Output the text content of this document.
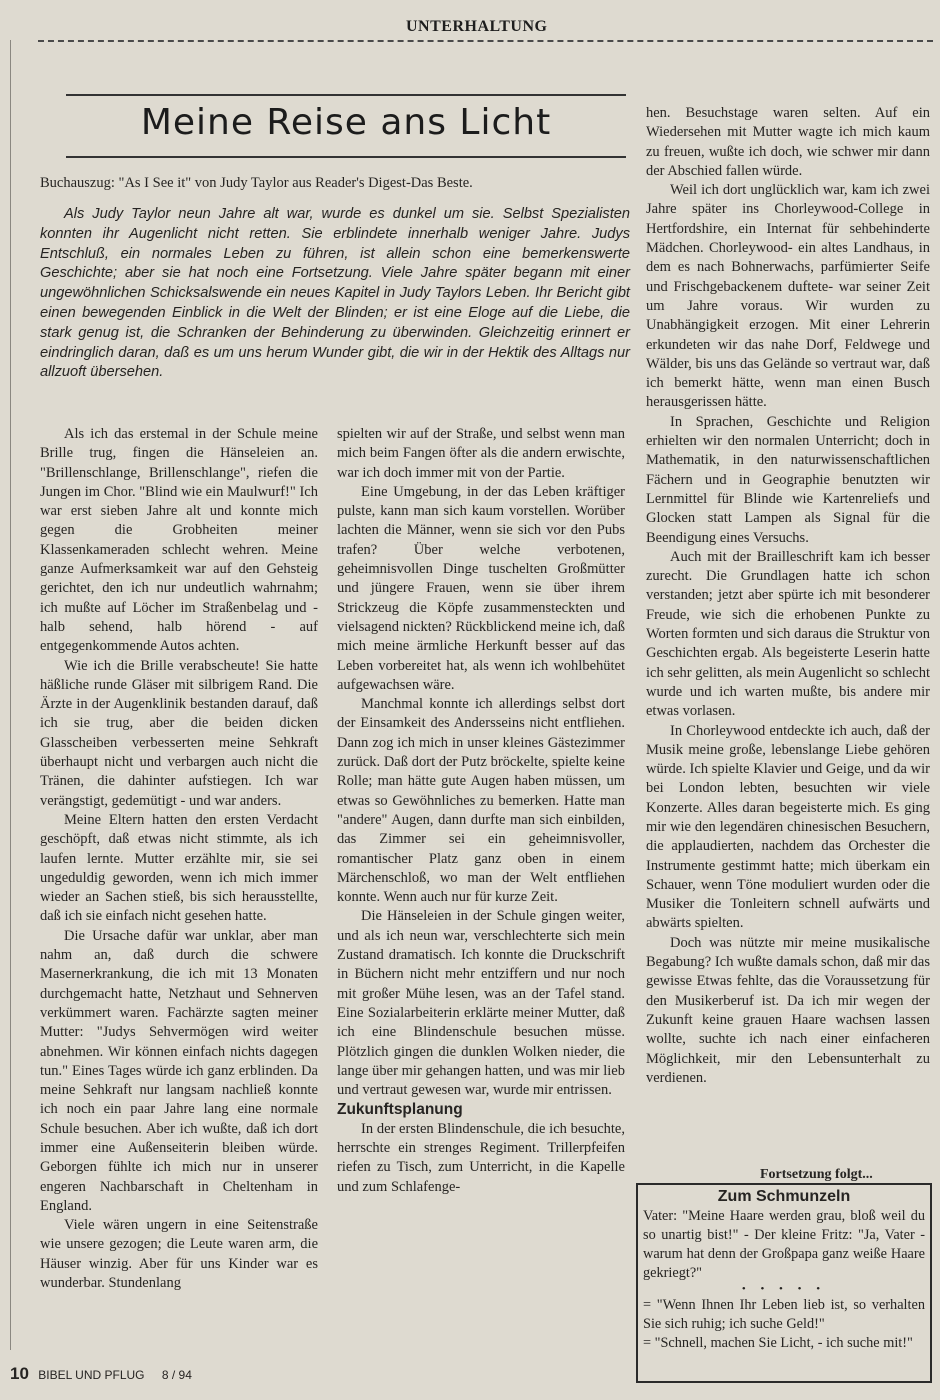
UNTERHALTUNG
Meine Reise ans Licht
Buchauszug: "As I See it" von Judy Taylor aus Reader's Digest-Das Beste.

Als Judy Taylor neun Jahre alt war, wurde es dunkel um sie. Selbst Spezialisten konnten ihr Augenlicht nicht retten. Sie erblindete innerhalb weniger Jahre. Judys Entschluß, ein normales Leben zu führen, ist allein schon eine bemerkenswerte Geschichte; aber sie hat noch eine Fortsetzung. Viele Jahre später begann mit einer ungewöhnlichen Schicksalswende ein neues Kapitel in Judy Taylors Leben. Ihr Bericht gibt einen bewegenden Einblick in die Welt der Blinden; er ist eine Eloge auf die Liebe, die stark genug ist, die Schranken der Behinderung zu überwinden. Gleichzeitig erinnert er eindringlich daran, daß es um uns herum Wunder gibt, die wir in der Hektik des Alltags nur allzuoft übersehen.

Als ich das erstemal in der Schule meine Brille trug, fingen die Hänseleien an. "Brillenschlange, Brillenschlange", riefen die Jungen im Chor. "Blind wie ein Maulwurf!" Ich war erst sieben Jahre alt und konnte mich gegen die Grobheiten meiner Klassenkameraden schlecht wehren. Meine ganze Aufmerksamkeit war auf den Gehsteig gerichtet, den ich nur undeutlich wahrnahm; ich mußte auf Löcher im Straßenbelag und - halb sehend, halb hörend - auf entgegenkommende Autos achten.

Wie ich die Brille verabscheute! Sie hatte häßliche runde Gläser mit silbrigem Rand. Die Ärzte in der Augenklinik bestanden darauf, daß ich sie trug, aber die beiden dicken Glasscheiben verbesserten meine Sehkraft überhaupt nicht und verbargen auch nicht die Tränen, die dahinter aufstiegen. Ich war verängstigt, gedemütigt - und war anders.

Meine Eltern hatten den ersten Verdacht geschöpft, daß etwas nicht stimmte, als ich laufen lernte. Mutter erzählte mir, sie sei ungeduldig geworden, wenn ich mich immer wieder an Sachen stieß, bis sich herausstellte, daß ich sie einfach nicht gesehen hatte.

Die Ursache dafür war unklar, aber man nahm an, daß durch die schwere Masernerkrankung, die ich mit 13 Monaten durchgemacht hatte, Netzhaut und Sehnerven verkümmert waren. Fachärzte sagten meiner Mutter: "Judys Sehvermögen wird weiter abnehmen. Wir können einfach nichts dagegen tun." Eines Tages würde ich ganz erblinden. Da meine Sehkraft nur langsam nachließ konnte ich noch ein paar Jahre lang eine normale Schule besuchen. Aber ich wußte, daß ich dort immer eine Außenseiterin bleiben würde. Geborgen fühlte ich mich nur in unserer engeren Nachbarschaft in Cheltenham in England.

Viele wären ungern in eine Seitenstraße wie unsere gezogen; die Leute waren arm, die Häuser winzig. Aber für uns Kinder war es wunderbar. Stundenlang

spielten wir auf der Straße, und selbst wenn man mich beim Fangen öfter als die andern erwischte, war ich doch immer mit von der Partie.

Eine Umgebung, in der das Leben kräftiger pulste, kann man sich kaum vorstellen. Worüber lachten die Männer, wenn sie sich vor den Pubs trafen? Über welche verbotenen, geheimnisvollen Dinge tuschelten Großmütter und jüngere Frauen, wenn sie über ihrem Strickzeug die Köpfe zusammensteckten und vielsagend nickten? Rückblickend meine ich, daß mich meine ärmliche Herkunft besser auf das Leben vorbereitet hat, als wenn ich wohlbehütet aufgewachsen wäre.

Manchmal konnte ich allerdings selbst dort der Einsamkeit des Andersseins nicht entfliehen. Dann zog ich mich in unser kleines Gästezimmer zurück. Daß dort der Putz bröckelte, spielte keine Rolle; man hätte gute Augen haben müssen, um etwas so Gewöhnliches zu bemerken. Hatte man "andere" Augen, dann durfte man sich einbilden, das Zimmer sei ein geheimnisvoller, romantischer Platz ganz oben in einem Märchenschloß, wo man der Welt entfliehen konnte. Wenn auch nur für kurze Zeit.

Die Hänseleien in der Schule gingen weiter, und als ich neun war, verschlechterte sich mein Zustand dramatisch. Ich konnte die Druckschrift in Büchern nicht mehr entziffern und nur noch mit großer Mühe lesen, was an der Tafel stand. Eine Sozialarbeiterin erklärte meiner Mutter, daß ich eine Blindenschule besuchen müsse. Plötzlich gingen die dunklen Wolken nieder, die lange über mir gehangen hatten, und was mir lieb und vertraut gewesen war, wurde mir entrissen.

Zukunftsplanung

In der ersten Blindenschule, die ich besuchte, herrschte ein strenges Regiment. Trillerpfeifen riefen zu Tisch, zum Unterricht, in die Kapelle und zum Schlafenge-

hen. Besuchstage waren selten. Auf ein Wiedersehen mit Mutter wagte ich mich kaum zu freuen, wußte ich doch, wie schwer mir dann der Abschied fallen würde.

Weil ich dort unglücklich war, kam ich zwei Jahre später ins Chorleywood-College in Hertfordshire, ein Internat für sehbehinderte Mädchen. Chorleywood- ein altes Landhaus, in dem es nach Bohnerwachs, parfümierter Seife und Frischgebackenem duftete- war seiner Zeit um Jahre voraus. Wir wurden zu Unabhängigkeit erzogen. Mit einer Lehrerin erkundeten wir das nahe Dorf, Feldwege und Wälder, bis uns das Gelände so vertraut war, daß ich bemerkt hätte, wenn man einen Busch herausgerissen hätte.

In Sprachen, Geschichte und Religion erhielten wir den normalen Unterricht; doch in Mathematik, in den naturwissenschaftlichen Fächern und in Geographie benutzten wir Lernmittel für Blinde wie Kartenreliefs und Glocken statt Lampen als Signal für die Beendigung eines Versuchs.

Auch mit der Brailleschrift kam ich besser zurecht. Die Grundlagen hatte ich schon verstanden; jetzt aber spürte ich mit besonderer Freude, wie sich die erhobenen Punkte zu Worten formten und sich daraus die Struktur von Geschichten ergab. Als begeisterte Leserin hatte ich sehr gelitten, als mein Augenlicht so schlecht wurde und ich warten mußte, bis andere mir etwas vorlasen.

In Chorleywood entdeckte ich auch, daß der Musik meine große, lebenslange Liebe gehören würde. Ich spielte Klavier und Geige, und da wir bei London lebten, besuchten wir viele Konzerte. Alles daran begeisterte mich. Es ging mir wie den legendären chinesischen Besuchern, die applaudierten, nachdem das Orchester die Instrumente gestimmt hatte; mich überkam ein Schauer, wenn Töne moduliert wurden oder die Musiker die Tonleitern schnell aufwärts und abwärts spielten.

Doch was nützte mir meine musikalische Begabung? Ich wußte damals schon, daß mir das gewisse Etwas fehlte, das die Voraussetzung für den Musikerberuf ist. Da ich mir wegen der Zukunft keine grauen Haare wachsen lassen wollte, suchte ich nach einer einfacheren Möglichkeit, mir den Lebensunterhalt zu verdienen.

Fortsetzung folgt...
Zum Schmunzeln

Vater: "Meine Haare werden grau, bloß weil du so unartig bist!" - Der kleine Fritz: "Ja, Vater - warum hat denn der Großpapa ganz weiße Haare gekriegt?"

• • • • •

= "Wenn Ihnen Ihr Leben lieb ist, so verhalten Sie sich ruhig; ich suche Geld!"

= "Schnell, machen Sie Licht, - ich suche mit!"

10 BIBEL UND PFLUG 8 / 94
